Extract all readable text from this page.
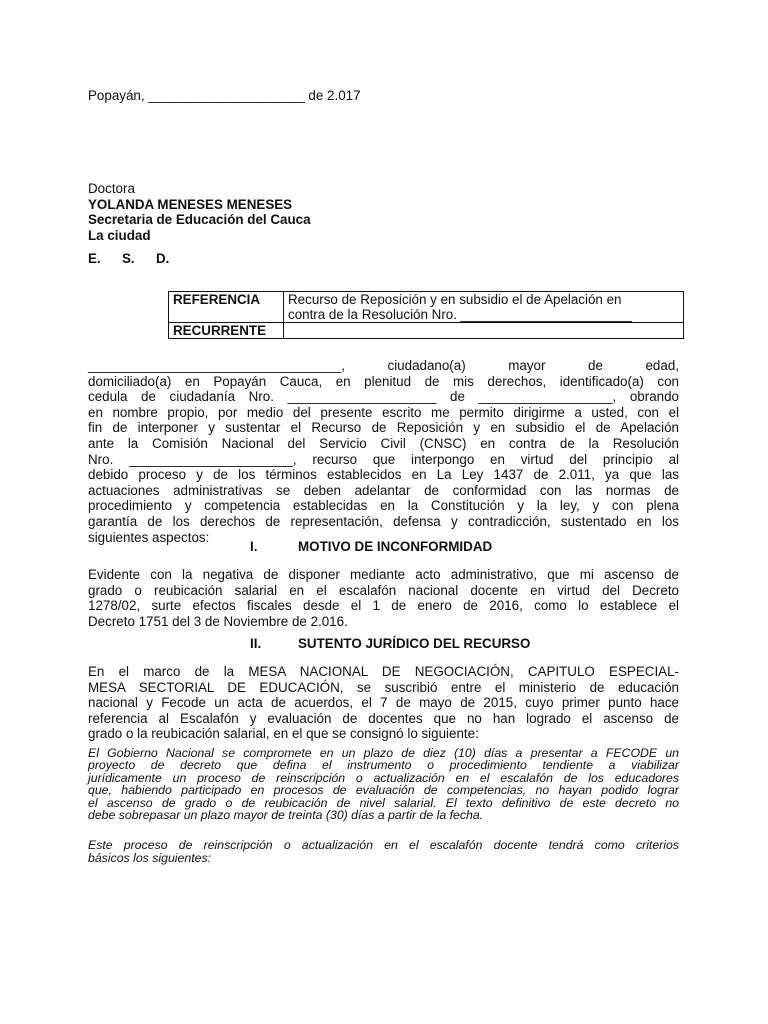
Popayán, _____________________ de 2.017
Doctora
YOLANDA MENESES MENESES
Secretaria de Educación del Cauca
La ciudad
E. S. D.
REFERENCIA	Recurso de Reposición y en subsidio el de Apelación en
contra de la Resolución Nro. _______________________

RECURRENTE	
__________________________________, ciudadano(a) mayor de edad,
domiciliado(a) en Popayán Cauca, en plenitud de mis derechos, identificado(a) con
cedula de ciudadanía Nro. ____________________ de __________________, obrando
en nombre propio, por medio del presente escrito me permito dirigirme a usted, con el
fin de interponer y sustentar el Recurso de Reposición y en subsidio el de Apelación
ante la Comisión Nacional del Servicio Civil (CNSC) en contra de la Resolución
Nro. ______________________, recurso que interpongo en virtud del principio al
debido proceso y de los términos establecidos en La Ley 1437 de 2.011, ya que las
actuaciones administrativas se deben adelantar de conformidad con las normas de
procedimiento y competencia establecidas en la Constitución y la ley, y con plena
garantía de los derechos de representación, defensa y contradicción, sustentado en los
siguientes aspectos:
I.	MOTIVO DE INCONFORMIDAD
Evidente con la negativa de disponer mediante acto administrativo, que mi ascenso de
grado o reubicación salarial en el escalafón nacional docente en virtud del Decreto
1278/02, surte efectos fiscales desde el 1 de enero de 2016, como lo establece el
Decreto 1751 del 3 de Noviembre de 2.016.
II.	SUTENTO JURÍDICO DEL RECURSO
En el marco de la MESA NACIONAL DE NEGOCIACIÓN, CAPITULO ESPECIAL-
MESA SECTORIAL DE EDUCACIÓN, se suscribió entre el ministerio de educación
nacional y Fecode un acta de acuerdos, el 7 de mayo de 2015, cuyo primer punto hace
referencia al Escalafón y evaluación de docentes que no han logrado el ascenso de
grado o la reubicación salarial, en el que se consignó lo siguiente:
El Gobierno Nacional se compromete en un plazo de diez (10) días a presentar a FECODE un
proyecto de decreto que defina el instrumento o procedimiento tendiente a viabilizar
jurídicamente un proceso de reinscripción o actualización en el escalafón de los educadores
que, habiendo participado en procesos de evaluación de competencias, no hayan podido lograr
el ascenso de grado o de reubicación de nivel salarial. El texto definitivo de este decreto no
debe sobrepasar un plazo mayor de treinta (30) días a partir de la fecha.
Este proceso de reinscripción o actualización en el escalafón docente tendrá como criterios
básicos los siguientes:
